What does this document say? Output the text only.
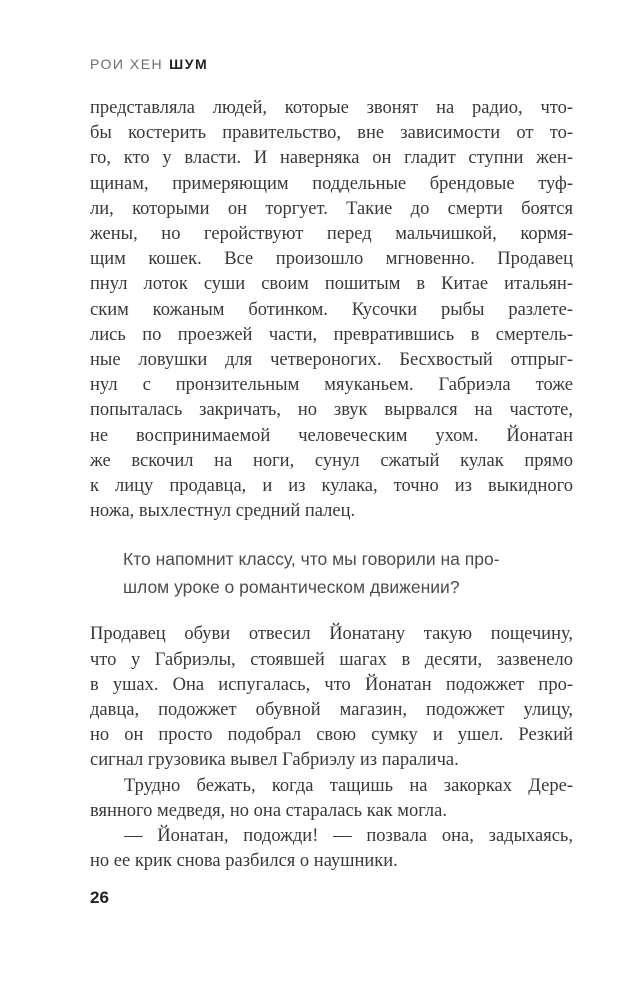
РОИ ХЕН ШУМ

представляла людей, которые звонят на радио, что-
бы костерить правительство, вне зависимости от то-
го, кто у власти. И наверняка он гладит ступни жен-
щинам, примеряющим поддельные брендовые туф-
ли, которыми он торгует. Такие до смерти боятся
жены, но геройствуют перед мальчишкой, кормя-
щим кошек. Все произошло мгновенно. Продавец
пнул лоток суши своим пошитым в Китае итальян-
ским кожаным ботинком. Кусочки рыбы разлете-
лись по проезжей части, превратившись в смертель-
ные ловушки для четвероногих. Бесхвостый отпрыг-
нул с пронзительным мяуканьем. Габриэла тоже
попыталась закричать, но звук вырвался на частоте,
не воспринимаемой человеческим ухом. Йонатан
же вскочил на ноги, сунул сжатый кулак прямо
к лицу продавца, и из кулака, точно из выкидного
ножа, выхлестнул средний палец.

Кто напомнит классу, что мы говорили на про-
шлом уроке о романтическом движении?

Продавец обуви отвесил Йонатану такую пощечину,
что у Габриэлы, стоявшей шагах в десяти, зазвенело
в ушах. Она испугалась, что Йонатан подожжет про-
давца, подожжет обувной магазин, подожжет улицу,
но он просто подобрал свою сумку и ушел. Резкий
сигнал грузовика вывел Габриэлу из паралича.

Трудно бежать, когда тащишь на закорках Дере-
вянного медведя, но она старалась как могла.

— Йонатан, подожди! — позвала она, задыхаясь,
но ее крик снова разбился о наушники.

26
